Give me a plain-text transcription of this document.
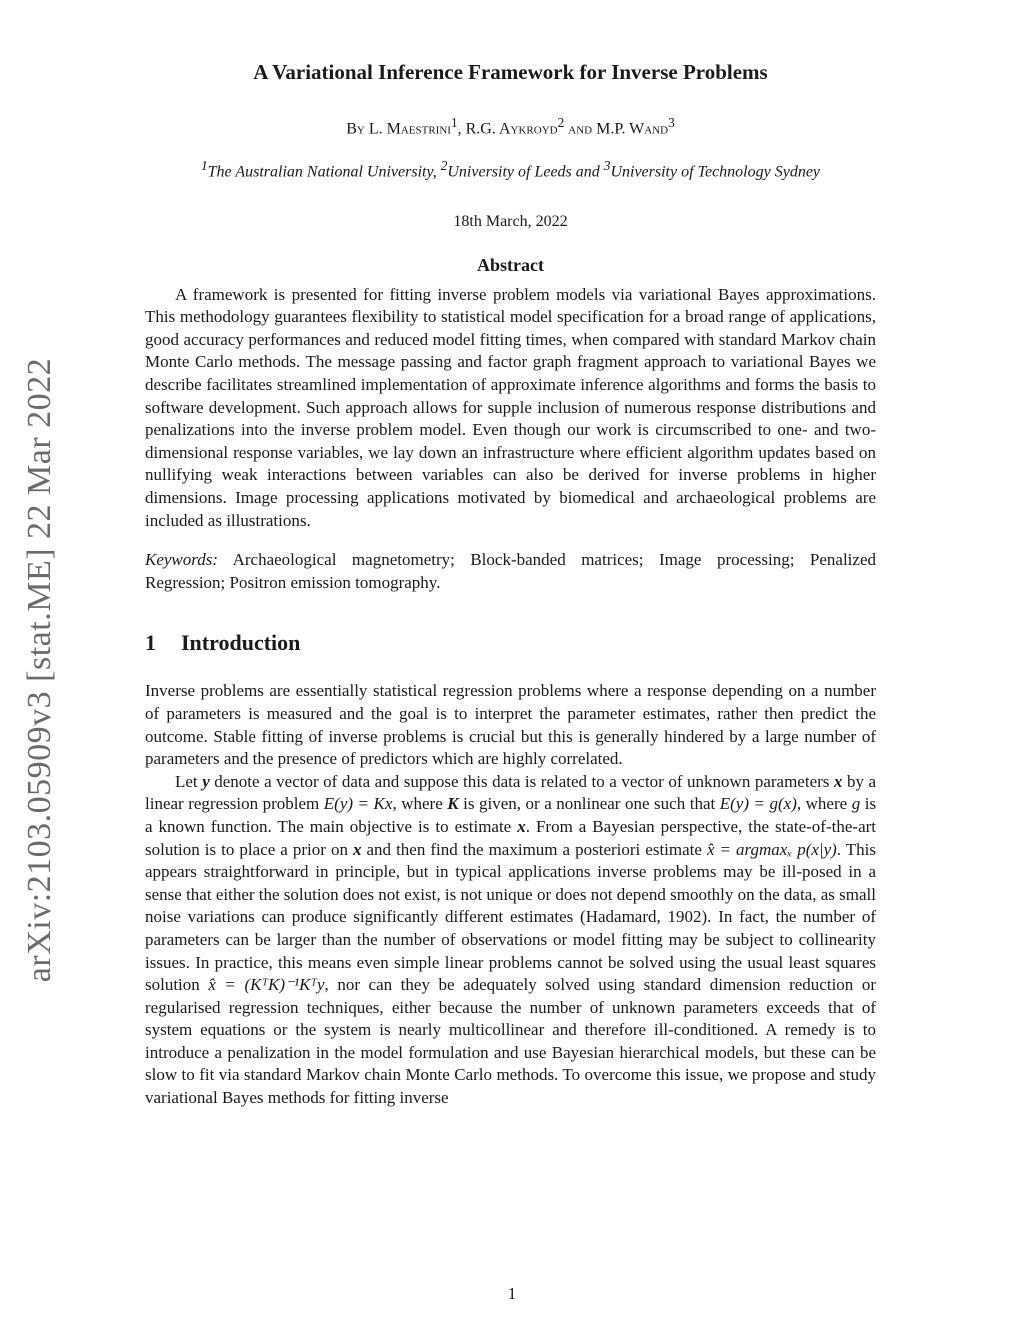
arXiv:2103.05909v3 [stat.ME] 22 Mar 2022
A Variational Inference Framework for Inverse Problems
By L. Maestrini$^1$, R.G. Aykroyd$^2$ and M.P. Wand$^3$
$^1$The Australian National University, $^2$University of Leeds and $^3$University of Technology Sydney
18th March, 2022
Abstract

A framework is presented for fitting inverse problem models via variational Bayes approximations. This methodology guarantees flexibility to statistical model specification for a broad range of applications, good accuracy performances and reduced model fitting times, when compared with standard Markov chain Monte Carlo methods. The message passing and factor graph fragment approach to variational Bayes we describe facilitates streamlined implementation of approximate inference algorithms and forms the basis to software development. Such approach allows for supple inclusion of numerous response distributions and penalizations into the inverse problem model. Even though our work is circumscribed to one- and two-dimensional response variables, we lay down an infrastructure where efficient algorithm updates based on nullifying weak interactions between variables can also be derived for inverse problems in higher dimensions. Image processing applications motivated by biomedical and archaeological problems are included as illustrations.

Keywords: Archaeological magnetometry; Block-banded matrices; Image processing; Penalized Regression; Positron emission tomography.

1 Introduction

Inverse problems are essentially statistical regression problems where a response depending on a number of parameters is measured and the goal is to interpret the parameter estimates, rather then predict the outcome. Stable fitting of inverse problems is crucial but this is generally hindered by a large number of parameters and the presence of predictors which are highly correlated.

Let y denote a vector of data and suppose this data is related to a vector of unknown parameters x by a linear regression problem E(y) = Kx, where K is given, or a nonlinear one such that E(y) = g(x), where g is a known function. The main objective is to estimate x. From a Bayesian perspective, the state-of-the-art solution is to place a prior on x and then find the maximum a posteriori estimate x̂ = argmaxₓ p(x|y). This appears straightforward in principle, but in typical applications inverse problems may be ill-posed in a sense that either the solution does not exist, is not unique or does not depend smoothly on the data, as small noise variations can produce significantly different estimates (Hadamard, 1902). In fact, the number of parameters can be larger than the number of observations or model fitting may be subject to collinearity issues. In practice, this means even simple linear problems cannot be solved using the usual least squares solution x̂ = (KᵀK)⁻¹Kᵀy, nor can they be adequately solved using standard dimension reduction or regularised regression techniques, either because the number of unknown parameters exceeds that of system equations or the system is nearly multicollinear and therefore ill-conditioned. A remedy is to introduce a penalization in the model formulation and use Bayesian hierarchical models, but these can be slow to fit via standard Markov chain Monte Carlo methods. To overcome this issue, we propose and study variational Bayes methods for fitting inverse

1
